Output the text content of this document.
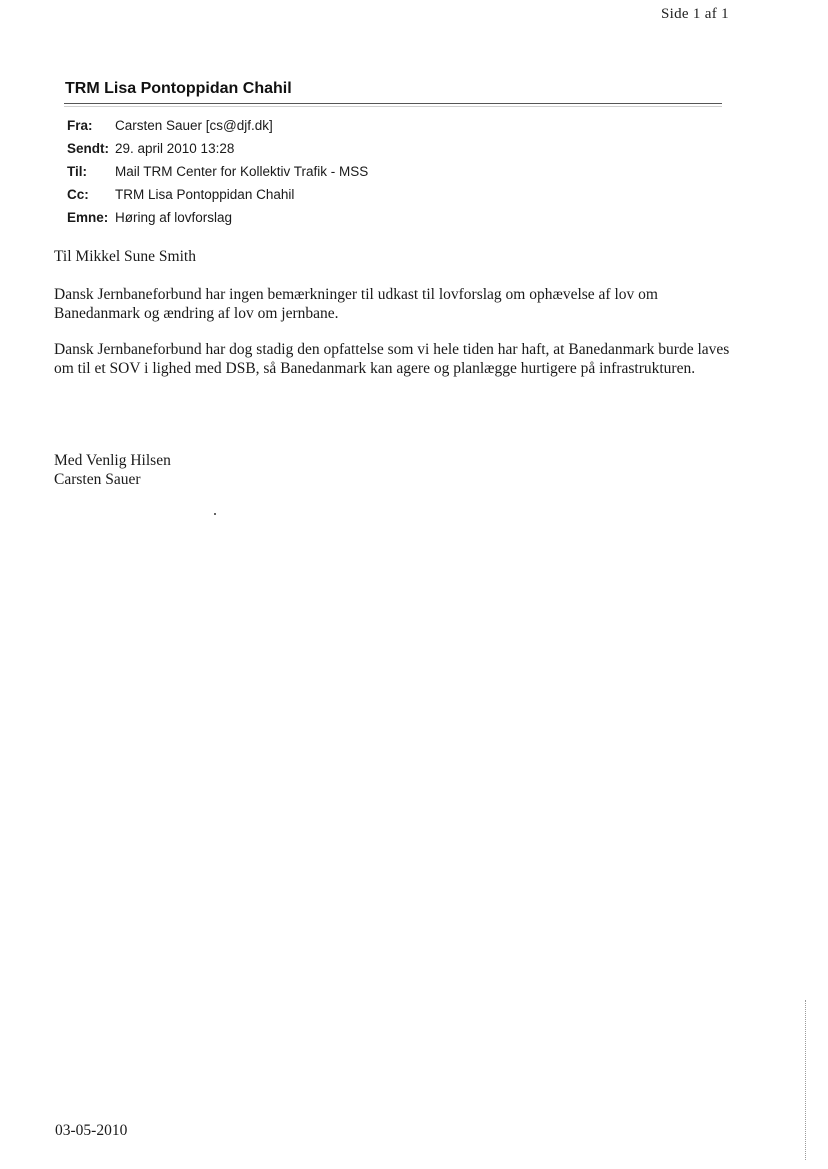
Side 1 af 1
TRM Lisa Pontoppidan Chahil
Fra: Carsten Sauer [cs@djf.dk]
Sendt: 29. april 2010 13:28
Til: Mail TRM Center for Kollektiv Trafik - MSS
Cc: TRM Lisa Pontoppidan Chahil
Emne: Høring af lovforslag
Til Mikkel Sune Smith
Dansk Jernbaneforbund har ingen bemærkninger til udkast til lovforslag om ophævelse af lov om Banedanmark og ændring af lov om jernbane.
Dansk Jernbaneforbund har dog stadig den opfattelse som vi hele tiden har haft, at Banedanmark burde laves om til et SOV i lighed med DSB, så Banedanmark kan agere og planlægge hurtigere på infrastrukturen.
Med Venlig Hilsen
Carsten Sauer
03-05-2010
